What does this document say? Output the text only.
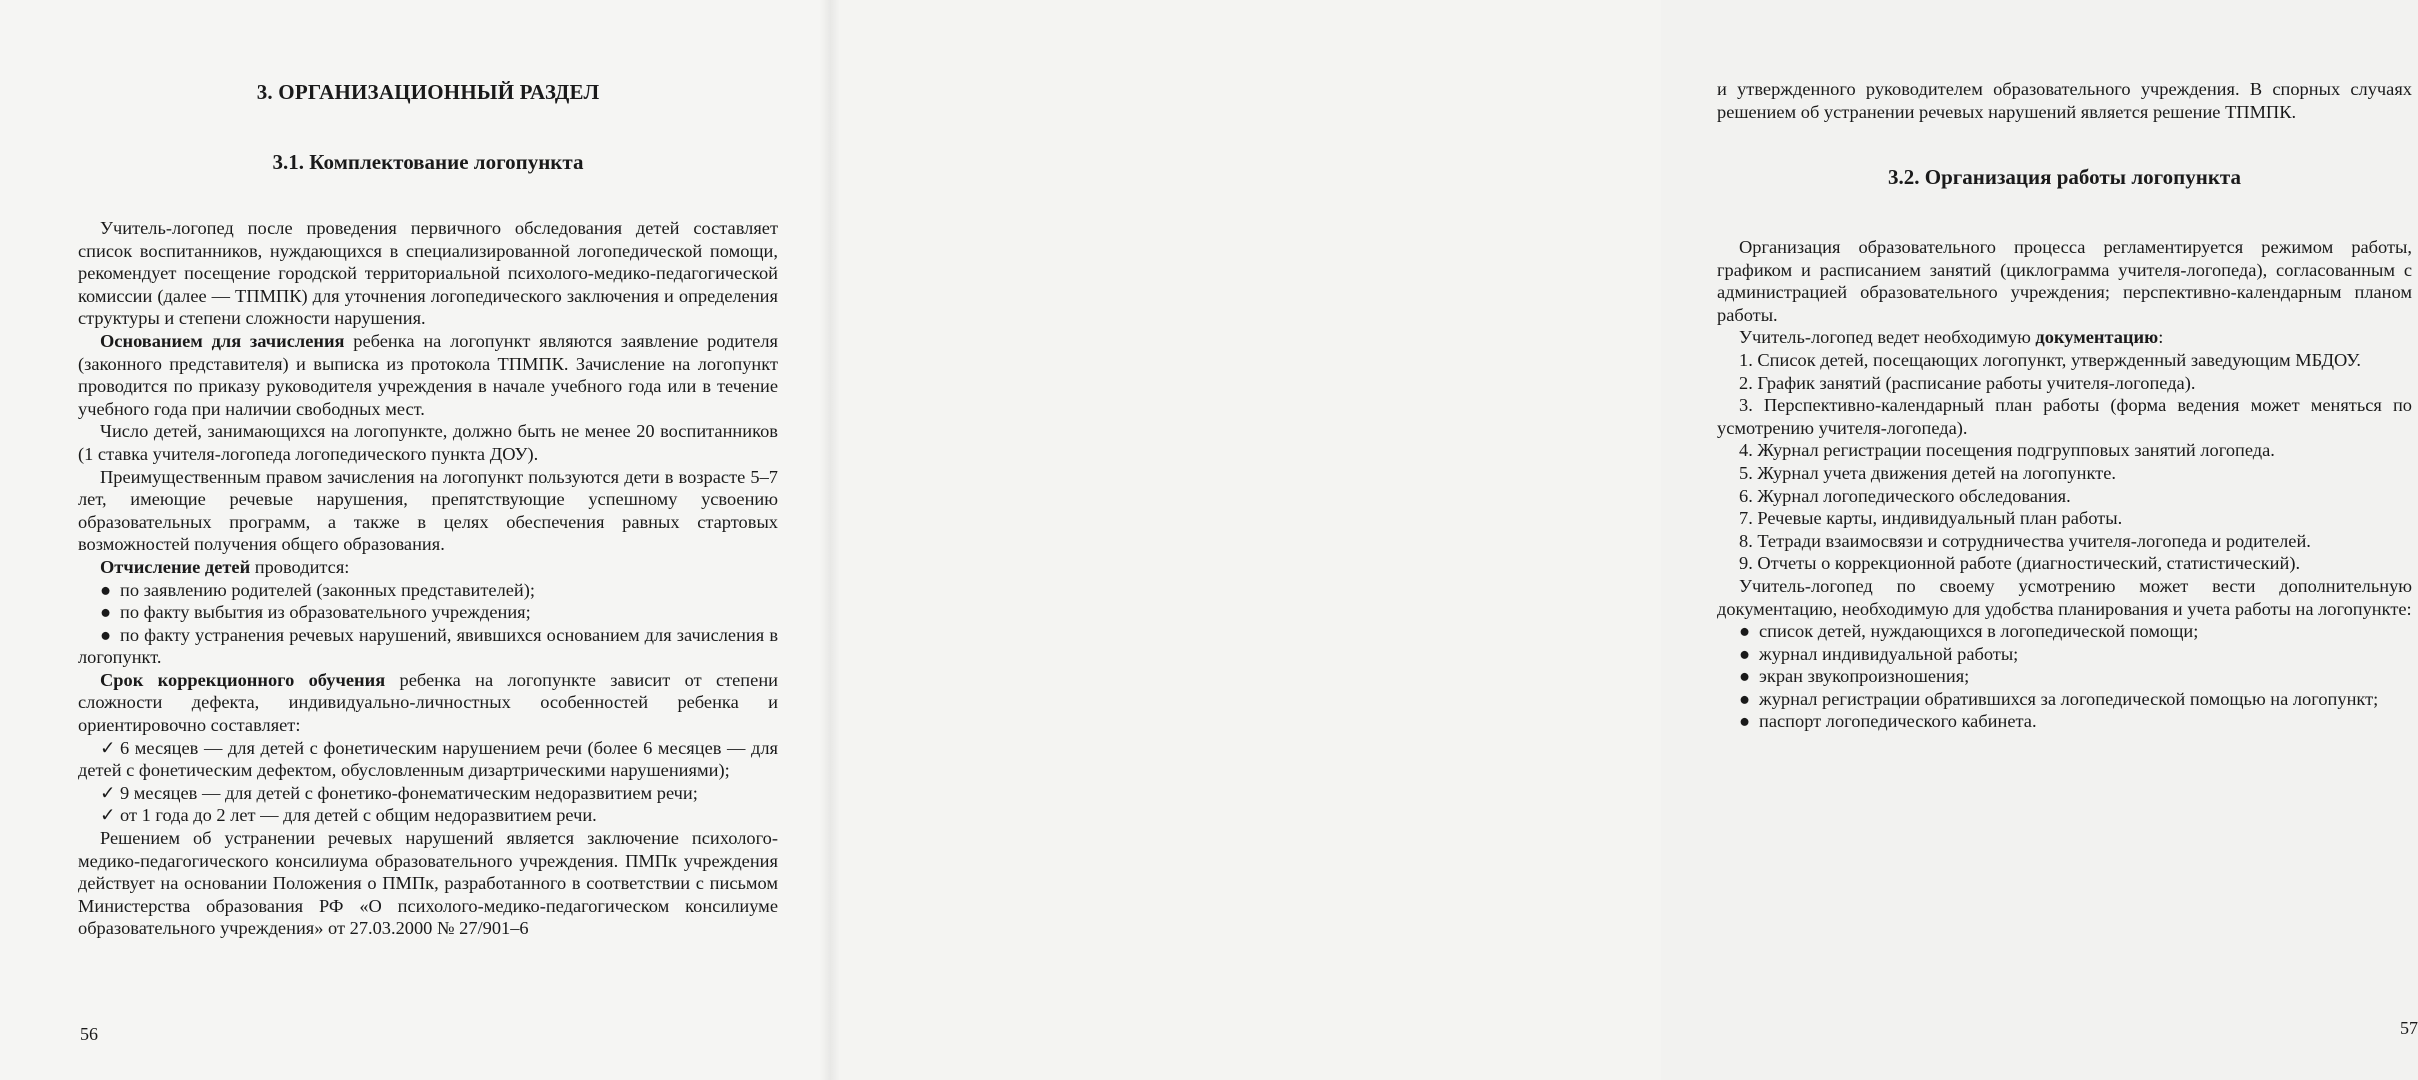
3. ОРГАНИЗАЦИОННЫЙ РАЗДЕЛ
3.1. Комплектование логопункта

Учитель-логопед после проведения первичного обследования детей составляет список воспитанников, нуждающихся в специализированной логопедической помощи, рекомендует посещение городской территориальной психолого-медико-педагогической комиссии (далее — ТПМПК) для уточнения логопедического заключения и определения структуры и степени сложности нарушения.

Основанием для зачисления ребенка на логопункт являются заявление родителя (законного представителя) и выписка из протокола ТПМПК. Зачисление на логопункт проводится по приказу руководителя учреждения в начале учебного года или в течение учебного года при наличии свободных мест.

Число детей, занимающихся на логопункте, должно быть не менее 20 воспитанников (1 ставка учителя-логопеда логопедического пункта ДОУ).

Преимущественным правом зачисления на логопункт пользуются дети в возрасте 5–7 лет, имеющие речевые нарушения, препятствующие успешному усвоению образовательных программ, а также в целях обеспечения равных стартовых возможностей получения общего образования.

Отчисление детей проводится:

● по заявлению родителей (законных представителей);

● по факту выбытия из образовательного учреждения;

● по факту устранения речевых нарушений, явившихся основанием для зачисления в логопункт.

Срок коррекционного обучения ребенка на логопункте зависит от степени сложности дефекта, индивидуально-личностных особенностей ребенка и ориентировочно составляет:

✓ 6 месяцев — для детей с фонетическим нарушением речи (более 6 месяцев — для детей с фонетическим дефектом, обусловленным дизартрическими нарушениями);

✓ 9 месяцев — для детей с фонетико-фонематическим недоразвитием речи;

✓ от 1 года до 2 лет — для детей с общим недоразвитием речи.

Решением об устранении речевых нарушений является заключение психолого-медико-педагогического консилиума образовательного учреждения. ПМПк учреждения действует на основании Положения о ПМПк, разработанного в соответствии с письмом Министерства образования РФ «О психолого-медико-педагогическом консилиуме образовательного учреждения» от 27.03.2000 № 27/901–6

56

и утвержденного руководителем образовательного учреждения. В спорных случаях решением об устранении речевых нарушений является решение ТПМПК.

3.2. Организация работы логопункта

Организация образовательного процесса регламентируется режимом работы, графиком и расписанием занятий (циклограмма учителя-логопеда), согласованным с администрацией образовательного учреждения; перспективно-календарным планом работы.

Учитель-логопед ведет необходимую документацию:

1. Список детей, посещающих логопункт, утвержденный заведующим МБДОУ.

2. График занятий (расписание работы учителя-логопеда).

3. Перспективно-календарный план работы (форма ведения может меняться по усмотрению учителя-логопеда).

4. Журнал регистрации посещения подгрупповых занятий логопеда.

5. Журнал учета движения детей на логопункте.

6. Журнал логопедического обследования.

7. Речевые карты, индивидуальный план работы.

8. Тетради взаимосвязи и сотрудничества учителя-логопеда и родителей.

9. Отчеты о коррекционной работе (диагностический, статистический).

Учитель-логопед по своему усмотрению может вести дополнительную документацию, необходимую для удобства планирования и учета работы на логопункте:

● список детей, нуждающихся в логопедической помощи;

● журнал индивидуальной работы;

● экран звукопроизношения;

● журнал регистрации обратившихся за логопедической помощью на логопункт;

● паспорт логопедического кабинета.

57
